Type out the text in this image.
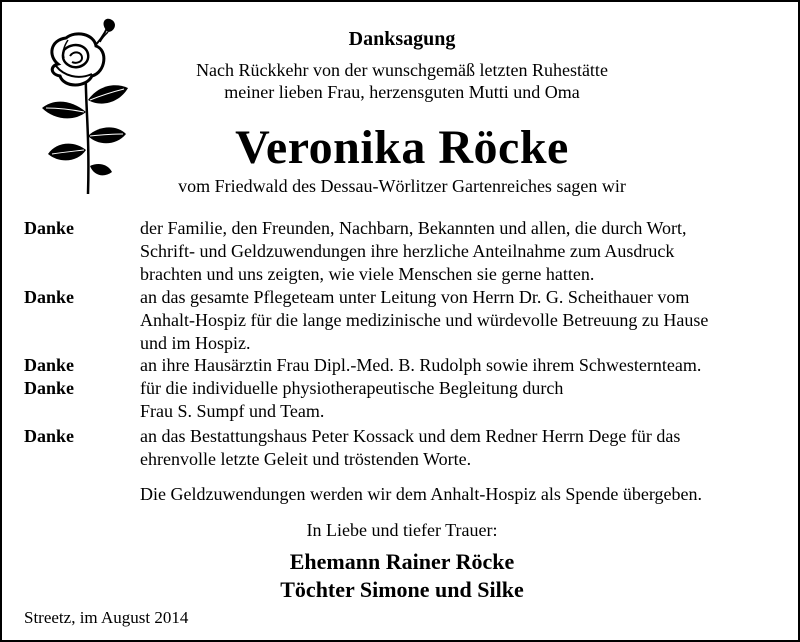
Danksagung
Nach Rückkehr von der wunschgemäß letzten Ruhestätte
meiner lieben Frau, herzensguten Mutti und Oma
Veronika Röcke
vom Friedwald des Dessau-Wörlitzer Gartenreiches sagen wir
Danke	der Familie, den Freunden, Nachbarn, Bekannten und allen, die durch Wort,
Schrift- und Geldzuwendungen ihre herzliche Anteilnahme zum Ausdruck
brachten und uns zeigten, wie viele Menschen sie gerne hatten.
Danke	an das gesamte Pflegeteam unter Leitung von Herrn Dr. G. Scheithauer vom
Anhalt-Hospiz für die lange medizinische und würdevolle Betreuung zu Hause
und im Hospiz.
Danke	an ihre Hausärztin Frau Dipl.-Med. B. Rudolph sowie ihrem Schwesternteam.
Danke	für die individuelle physiotherapeutische Begleitung durch
Frau S. Sumpf und Team.
Danke	an das Bestattungshaus Peter Kossack und dem Redner Herrn Dege für das
ehrenvolle letzte Geleit und tröstenden Worte.
Die Geldzuwendungen werden wir dem Anhalt-Hospiz als Spende übergeben.
In Liebe und tiefer Trauer:
Ehemann Rainer Röcke
Töchter Simone und Silke
Streetz, im August 2014
